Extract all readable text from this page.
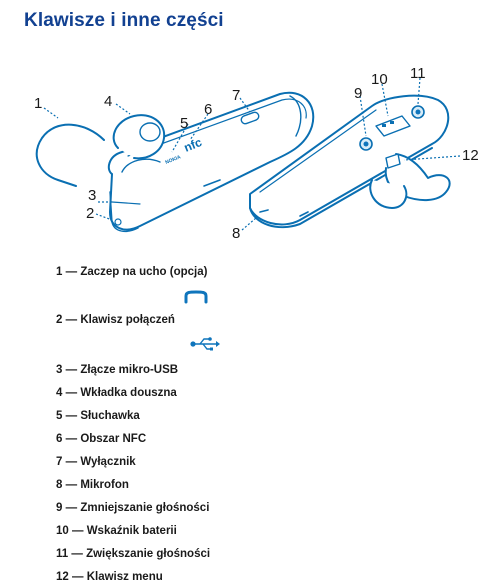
Klawisze i inne części
nfc
NOKIA
1
2
3
4
5
6
7
8
9
10 11
12
1 — Zaczep na ucho (opcja)
2 — Klawisz połączeń
3 — Złącze mikro-USB
4 — Wkładka douszna
5 — Słuchawka
6 — Obszar NFC
7 — Wyłącznik
8 — Mikrofon
9 — Zmniejszanie głośności
10 — Wskaźnik baterii
11 — Zwiększanie głośności
12 — Klawisz menu
